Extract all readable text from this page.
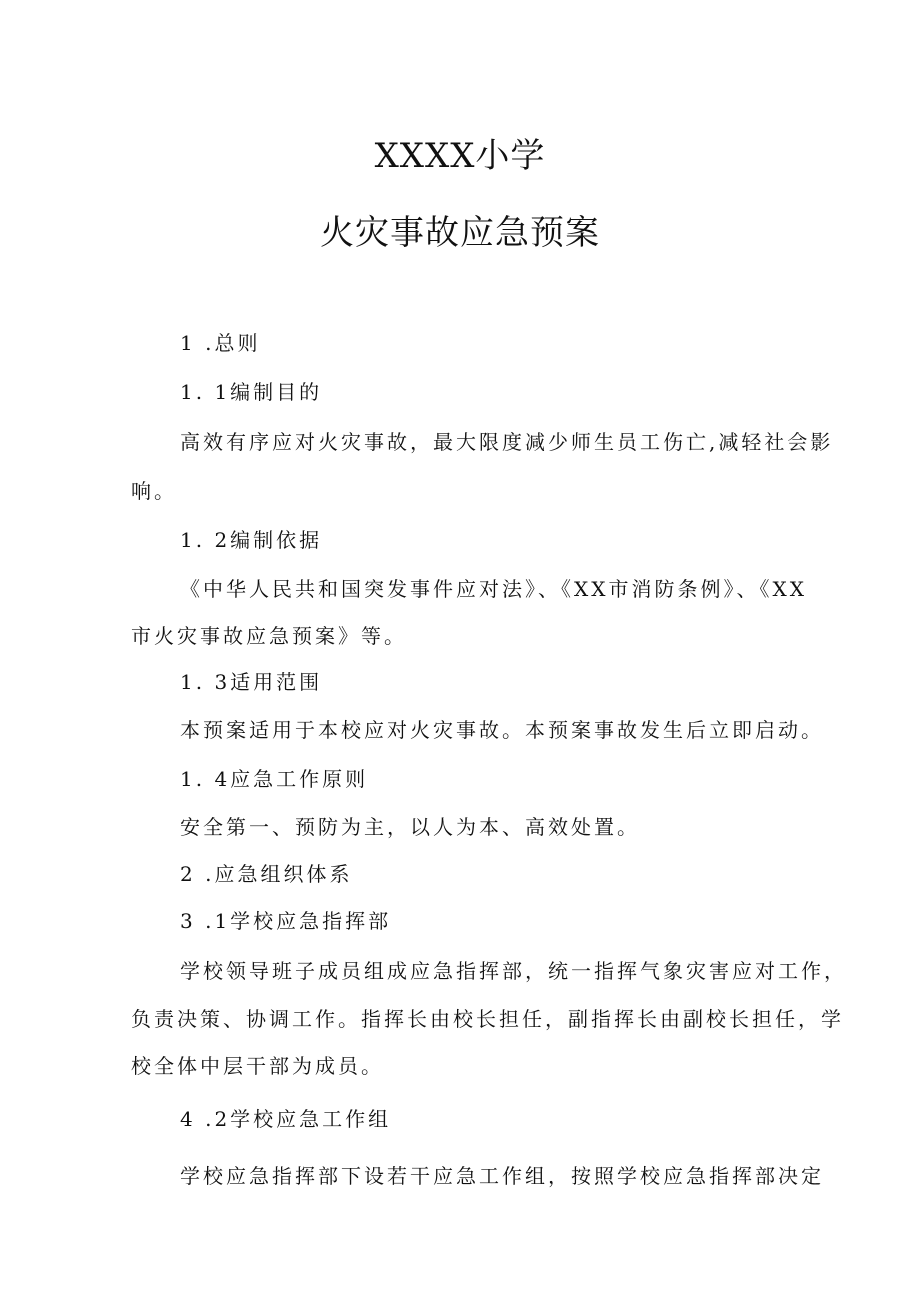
XXXX小学
火灾事故应急预案

1 .总则

1. 1编制目的

高效有序应对火灾事故，最大限度减少师生员工伤亡,减轻社会影

响。

1. 2编制依据

《中华人民共和国突发事件应对法》、《XX市消防条例》、《XX

市火灾事故应急预案》等。

1. 3适用范围

本预案适用于本校应对火灾事故。本预案事故发生后立即启动。

1. 4应急工作原则

安全第一、预防为主，以人为本、高效处置。

2 .应急组织体系

3 .1学校应急指挥部

学校领导班子成员组成应急指挥部，统一指挥气象灾害应对工作，

负责决策、协调工作。指挥长由校长担任，副指挥长由副校长担任，学

校全体中层干部为成员。

4 .2学校应急工作组

学校应急指挥部下设若干应急工作组，按照学校应急指挥部决定
